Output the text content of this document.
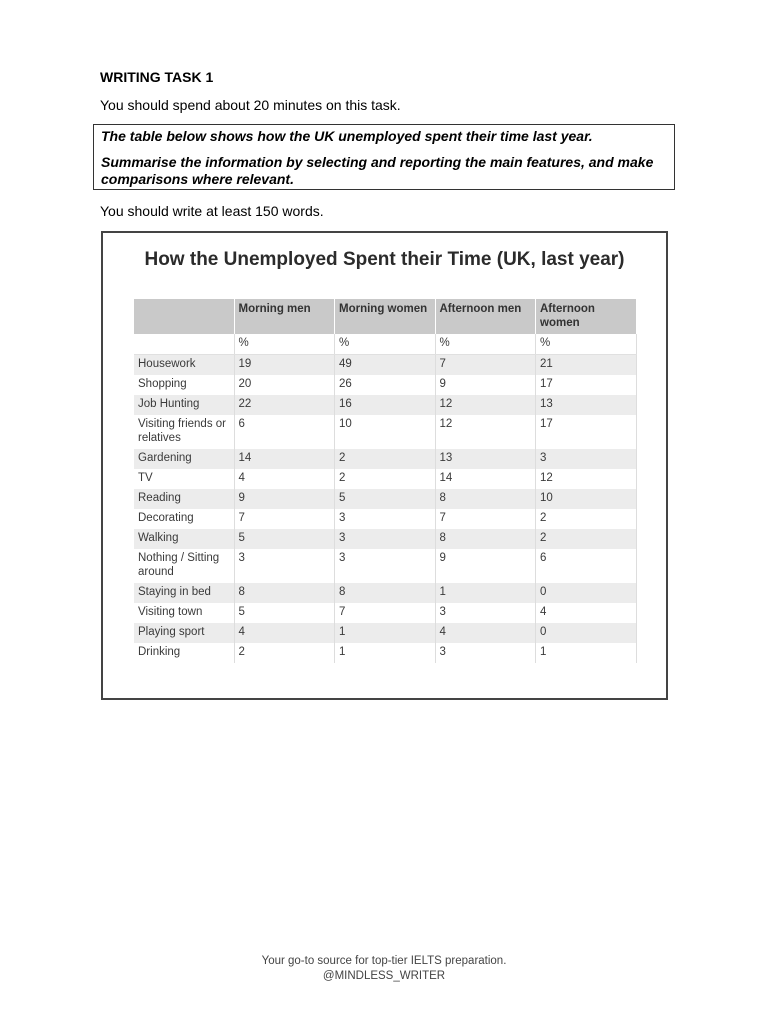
WRITING TASK 1
You should spend about 20 minutes on this task.

The table below shows how the UK unemployed spent their time last year.

Summarise the information by selecting and reporting the main features, and make comparisons where relevant.

You should write at least 150 words.
How the Unemployed Spent their Time (UK, last year)
	Morning men	Morning women	Afternoon men	Afternoon women
	%	%	%	%
Housework	19	49	7	21
Shopping	20	26	9	17
Job Hunting	22	16	12	13
Visiting friends or relatives	6	10	12	17
Gardening	14	2	13	3
TV	4	2	14	12
Reading	9	5	8	10
Decorating	7	3	7	2
Walking	5	3	8	2
Nothing / Sitting around	3	3	9	6
Staying in bed	8	8	1	0
Visiting town	5	7	3	4
Playing sport	4	1	4	0
Drinking	2	1	3	1
Your go-to source for top-tier IELTS preparation.
@MINDLESS_WRITER
